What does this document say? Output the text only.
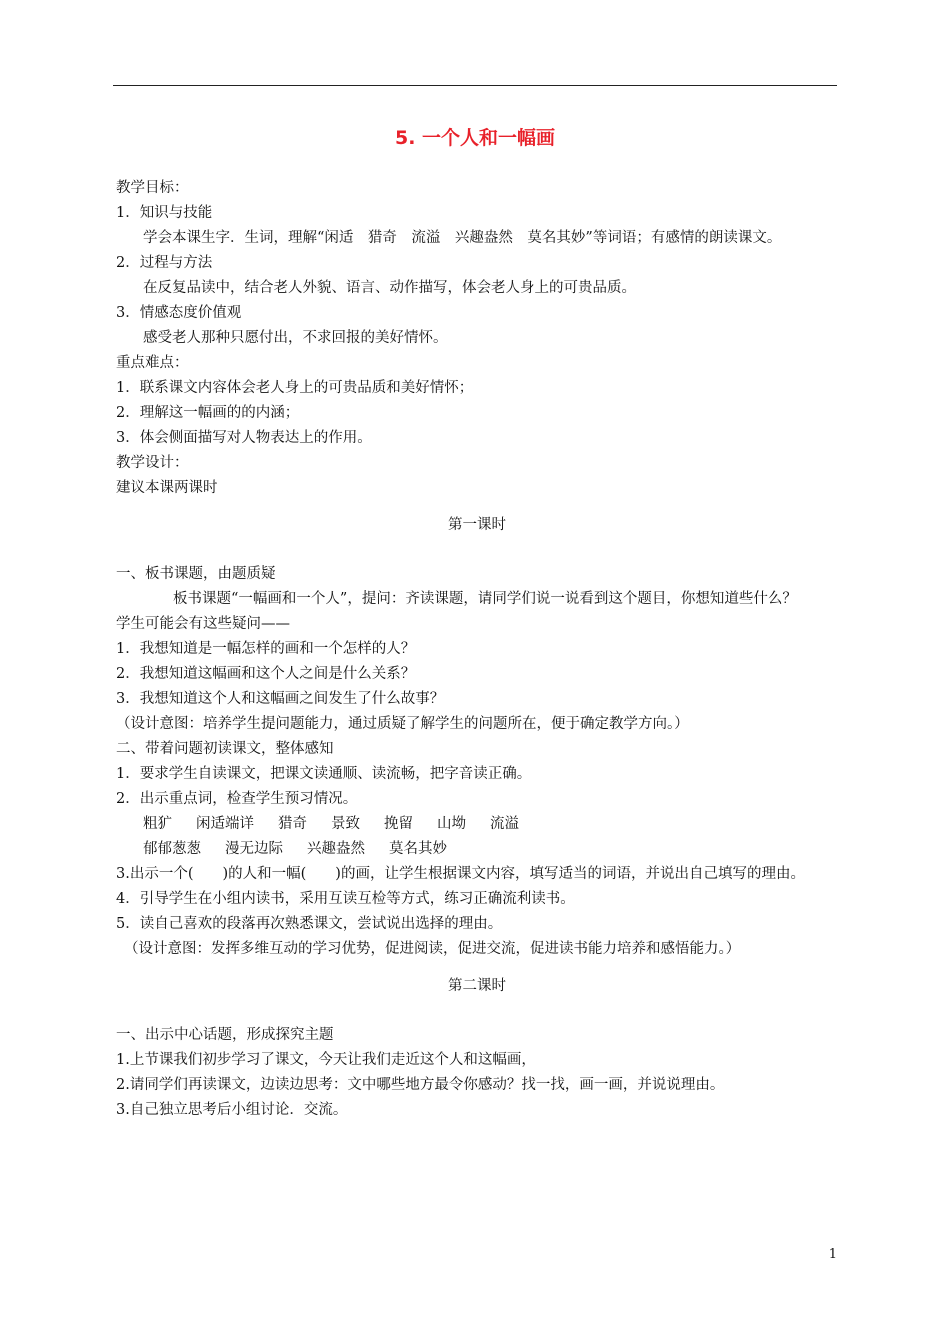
5. 一个人和一幅画
教学目标：
1．知识与技能
学会本课生字．生词，理解“闲适　猎奇　流溢　兴趣盎然　莫名其妙”等词语；有感情的朗读课文。
2．过程与方法
在反复品读中，结合老人外貌、语言、动作描写，体会老人身上的可贵品质。
3．情感态度价值观
感受老人那种只愿付出，不求回报的美好情怀。
重点难点：
1．联系课文内容体会老人身上的可贵品质和美好情怀；
2．理解这一幅画的的内涵；
3．体会侧面描写对人物表达上的作用。
教学设计：
建议本课两课时
第一课时
一、板书课题，由题质疑
板书课题“一幅画和一个人”，提问：齐读课题，请同学们说一说看到这个题目，你想知道些什么？
学生可能会有这些疑问——
1．我想知道是一幅怎样的画和一个怎样的人？
2．我想知道这幅画和这个人之间是什么关系？
3．我想知道这个人和这幅画之间发生了什么故事？
（设计意图：培养学生提问题能力，通过质疑了解学生的问题所在，便于确定教学方向。）
二、带着问题初读课文，整体感知
1．要求学生自读课文，把课文读通顺、读流畅，把字音读正确。
2．出示重点词，检查学生预习情况。
粗犷 闲适端详 猎奇 景致 挽留 山坳 流溢
郁郁葱葱 漫无边际 兴趣盎然 莫名其妙
3.出示一个(　　)的人和一幅(　　)的画，让学生根据课文内容，填写适当的词语，并说出自己填写的理由。
4．引导学生在小组内读书，采用互读互检等方式，练习正确流利读书。
5．读自己喜欢的段落再次熟悉课文，尝试说出选择的理由。
（设计意图：发挥多维互动的学习优势，促进阅读，促进交流，促进读书能力培养和感悟能力。）
第二课时
一、出示中心话题，形成探究主题
1.上节课我们初步学习了课文，今天让我们走近这个人和这幅画，
2.请同学们再读课文，边读边思考：文中哪些地方最令你感动？找一找，画一画，并说说理由。
3.自己独立思考后小组讨论．交流。
1
